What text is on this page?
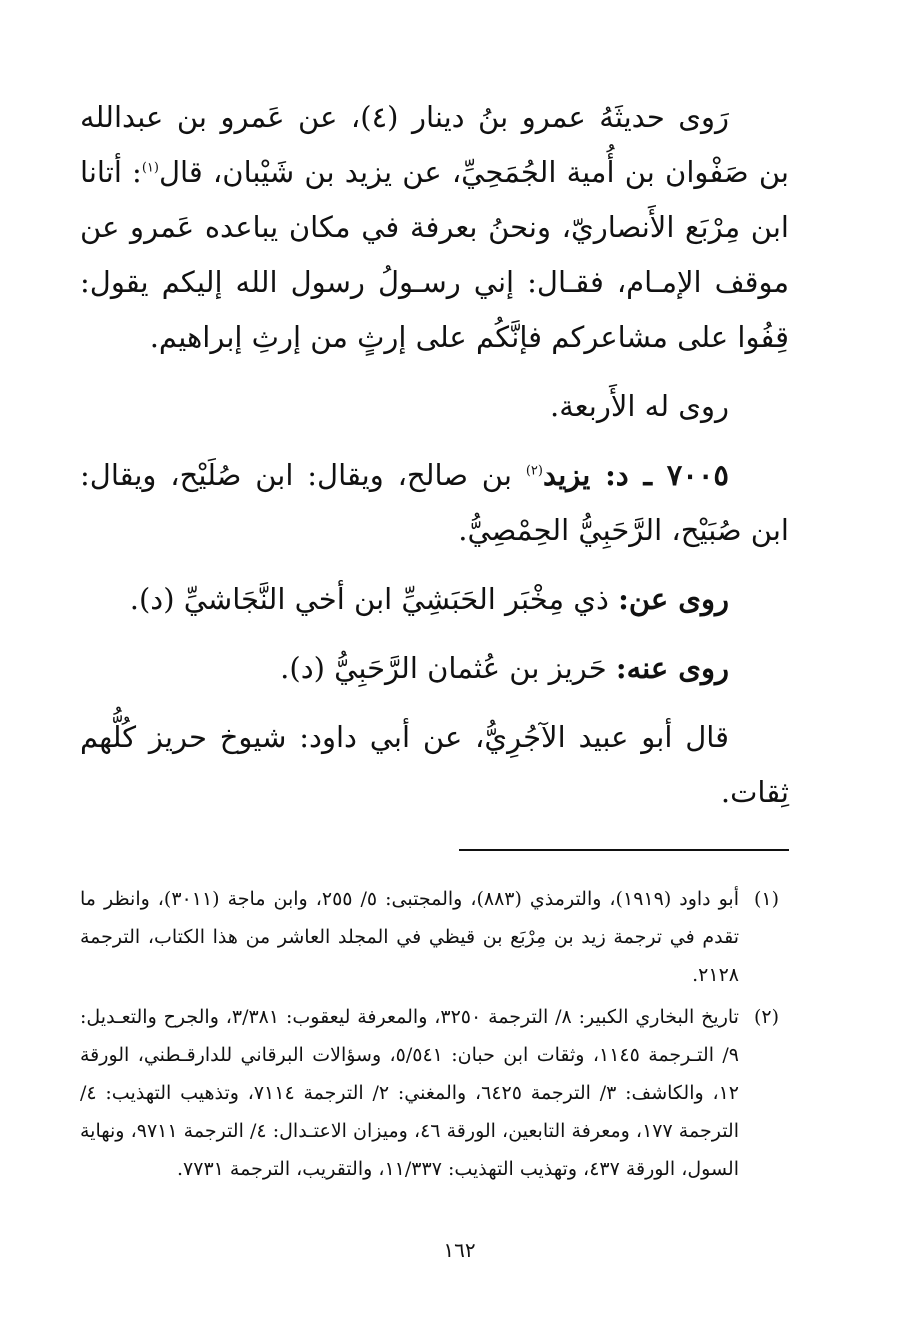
رَوى حديثَهُ عمرو بنُ دينار (٤)، عن عَمرو بن عبدالله بن صَفْوان بن أُمية الجُمَحِيِّ، عن يزيد بن شَيْبان، قال$^{(١)}$: أتانا ابن مِرْبَع الأَنصاريّ، ونحنُ بعرفة في مكان يباعده عَمرو عن موقف الإمـام، فقـال: إني رسـولُ رسول الله إليكم يقول: قِفُوا على مشاعركم فإنَّكُم على إرثٍ من إرثِ إبراهيم.

روى له الأَربعة.

٧٠٠٥ ـ د: يزيد$^{(٢)}$ بن صالح، ويقال: ابن صُلَيْح، ويقال: ابن صُبَيْح، الرَّحَبِيُّ الحِمْصِيُّ.

روى عن: ذي مِخْبَر الحَبَشِيِّ ابن أخي النَّجَاشيِّ (د).

روى عنه: حَريز بن عُثمان الرَّحَبِيُّ (د).

قال أبو عبيد الآجُرِيُّ، عن أبي داود: شيوخ حريز كُلُّهم ثِقات.

(١)
أبو داود (١٩١٩)، والترمذي (٨٨٣)، والمجتبى: ٥/ ٢٥٥، وابن ماجة (٣٠١١)، وانظر ما تقدم في ترجمة زيد بن مِرْبَع بن قيظي في المجلد العاشر من هذا الكتاب، الترجمة ٢١٢٨.
(٢)
تاريخ البخاري الكبير: ٨/ الترجمة ٣٢٥٠، والمعرفة ليعقوب: ٣/٣٨١، والجرح والتعـديل: ٩/ التـرجمة ١١٤٥، وثقات ابن حبان: ٥/٥٤١، وسؤالات البرقاني للدارقـطني، الورقة ١٢، والكاشف: ٣/ الترجمة ٦٤٢٥، والمغني: ٢/ الترجمة ٧١١٤، وتذهيب التهذيب: ٤/ الترجمة ١٧٧، ومعرفة التابعين، الورقة ٤٦، وميزان الاعتـدال: ٤/ الترجمة ٩٧١١، ونهاية السول، الورقة ٤٣٧، وتهذيب التهذيب: ١١/٣٣٧، والتقريب، الترجمة ٧٧٣١.
١٦٢
